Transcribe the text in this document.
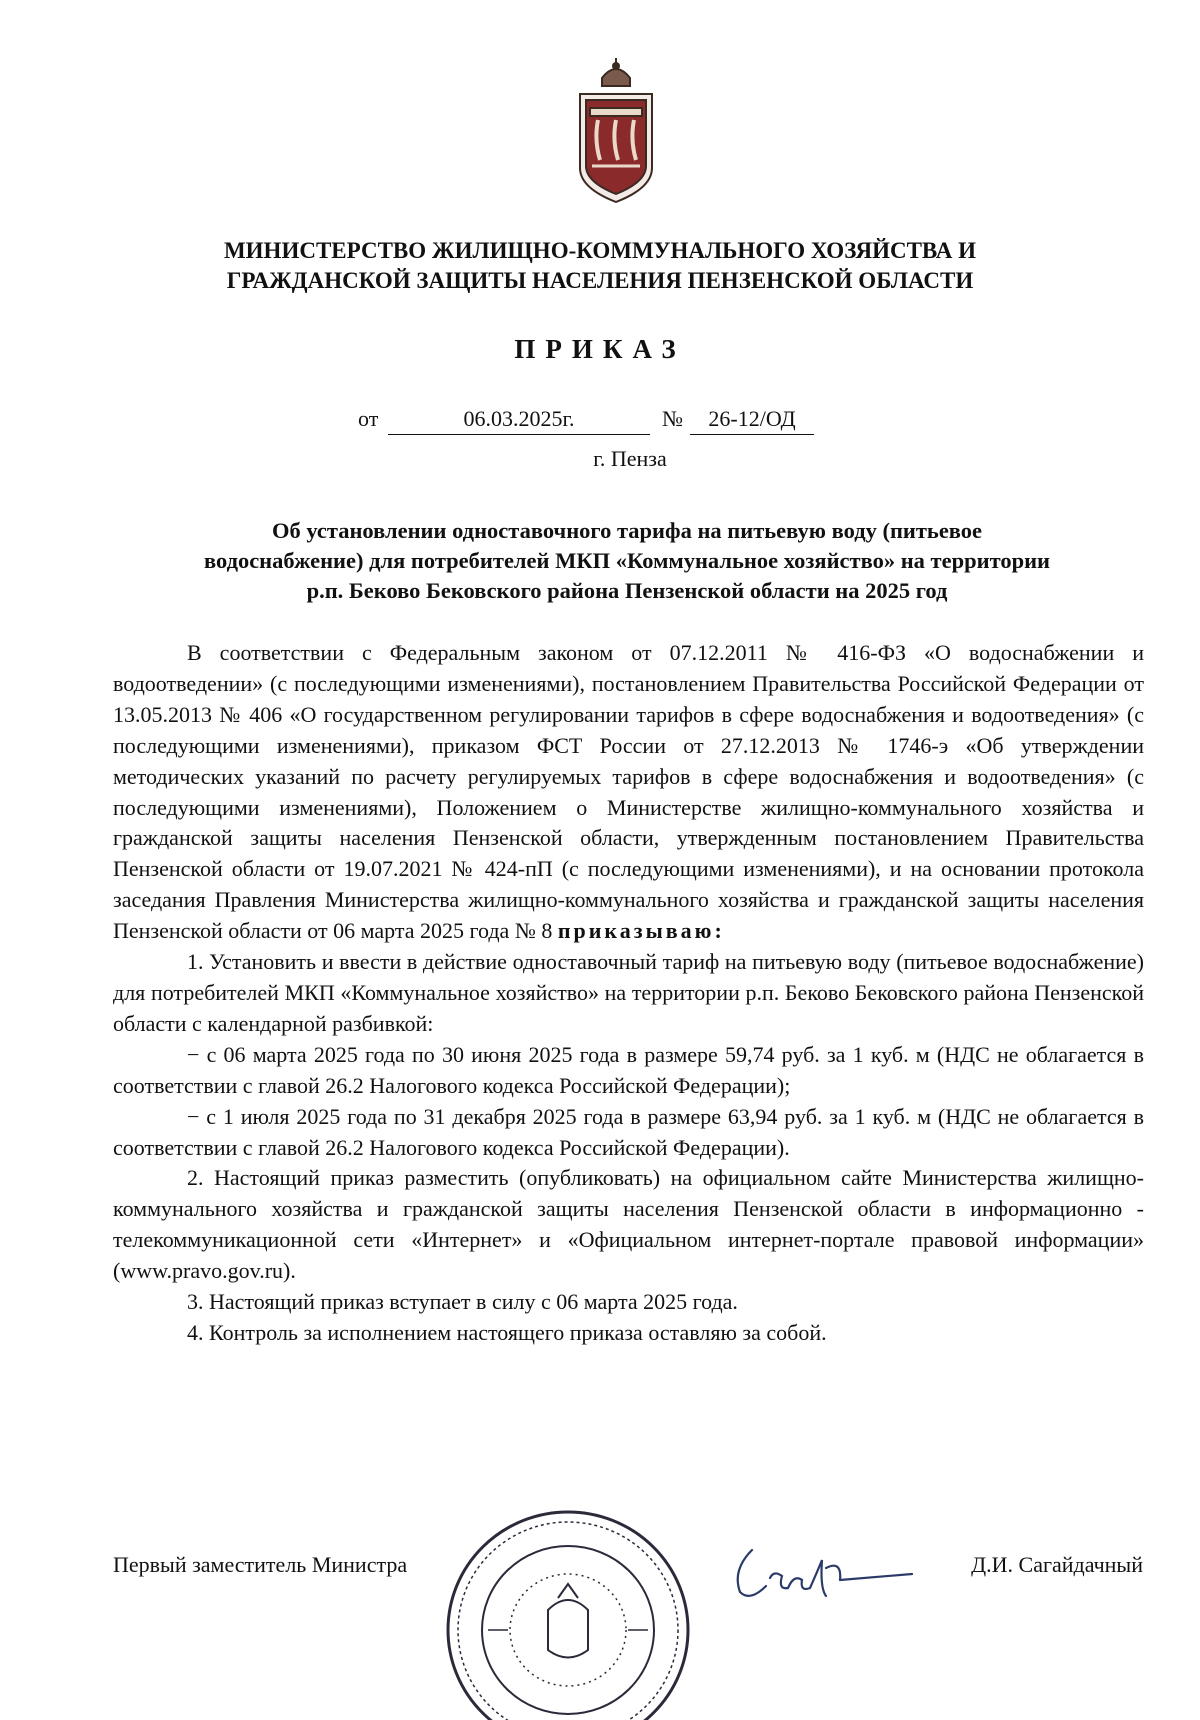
МИНИСТЕРСТВО ЖИЛИЩНО-КОММУНАЛЬНОГО ХОЗЯЙСТВА И
ГРАЖДАНСКОЙ ЗАЩИТЫ НАСЕЛЕНИЯ ПЕНЗЕНСКОЙ ОБЛАСТИ
ПРИКАЗ
от	06.03.2025г.	№	26-12/ОД
г. Пенза
Об установлении одноставочного тарифа на питьевую воду (питьевое
водоснабжение) для потребителей МКП «Коммунальное хозяйство» на территории
р.п. Беково Бековского района Пензенской области на 2025 год

В соответствии с Федеральным законом от 07.12.2011 № 416-ФЗ «О водоснабжении и водоотведении» (с последующими изменениями), постановлением Правительства Российской Федерации от 13.05.2013 № 406 «О государственном регулировании тарифов в сфере водоснабжения и водоотведения» (с последующими изменениями), приказом ФСТ России от 27.12.2013 № 1746-э «Об утверждении методических указаний по расчету регулируемых тарифов в сфере водоснабжения и водоотведения» (с последующими изменениями), Положением о Министерстве жилищно-коммунального хозяйства и гражданской защиты населения Пензенской области, утвержденным постановлением Правительства Пензенской области от 19.07.2021 № 424-пП (с последующими изменениями), и на основании протокола заседания Правления Министерства жилищно-коммунального хозяйства и гражданской защиты населения Пензенской области от 06 марта 2025 года № 8 приказываю:

1. Установить и ввести в действие одноставочный тариф на питьевую воду (питьевое водоснабжение) для потребителей МКП «Коммунальное хозяйство» на территории р.п. Беково Бековского района Пензенской области с календарной разбивкой:

− с 06 марта 2025 года по 30 июня 2025 года в размере 59,74 руб. за 1 куб. м (НДС не облагается в соответствии с главой 26.2 Налогового кодекса Российской Федерации);

− с 1 июля 2025 года по 31 декабря 2025 года в размере 63,94 руб. за 1 куб. м (НДС не облагается в соответствии с главой 26.2 Налогового кодекса Российской Федерации).

2. Настоящий приказ разместить (опубликовать) на официальном сайте Министерства жилищно-коммунального хозяйства и гражданской защиты населения Пензенской области в информационно - телекоммуникационной сети «Интернет» и «Официальном интернет-портале правовой информации» (www.pravo.gov.ru).

3. Настоящий приказ вступает в силу с 06 марта 2025 года.

4. Контроль за исполнением настоящего приказа оставляю за собой.

Первый заместитель Министра	Д.И. Сагайдачный
